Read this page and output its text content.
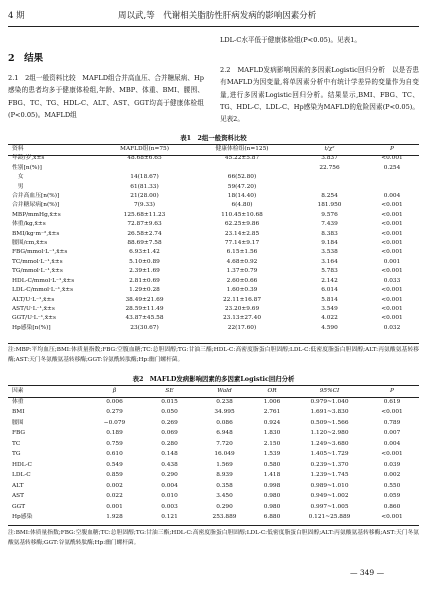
4 期	周以武,等　代谢相关脂肪性肝病发病的影响因素分析
2　结果
2.1　2组一般资料比较　MAFLD组合并高血压、合并糖尿病、Hp感染的患者均多于健康体检组,年龄、MBP、体重、BMI、腰围、FBG、TC、TG、HDL-C、ALT、AST、GGT均高于健康体检组(P<0.05)。MAFLD组
LDL-C水平低于健康体检组(P<0.05)。见表1。
2.2　MAFLD发病影响因素的多因素Logistic回归分析　以是否患有MAFLD为因变量,将单因素分析中有统计学差异的变量作为自变量,进行多因素Logistic回归分析。结果显示,BMI、FBG、TC、TG、HDL-C、LDL-C、Hp感染为MAFLD的危险因素(P<0.05)。见表2。
表1　2组一般资料比较
资料	MAFLD组(n=75)	健康体检组(n=125)	t/χ²	P
年龄/岁,x̄±s	48.68±6.65	45.22±5.87	3.837	<0.001
性别[n(%)]			22.756	0.254
　女	14(18.67)	66(52.80)		
　男	61(81.33)	59(47.20)		
合并高血压[n(%)]	21(28.00)	18(14.40)	8.254	0.004
合并糖尿病[n(%)]	7(9.33)	6(4.80)	181.950	<0.001
MBP/mmHg,x̄±s	125.68±11.23	110.45±10.68	9.576	<0.001
体重/kg,x̄±s	72.87±9.63	62.25±9.86	7.439	<0.001
BMI/kg·m⁻²,x̄±s	26.58±2.74	23.14±2.85	8.383	<0.001
腰围/cm,x̄±s	88.69±7.58	77.14±9.17	9.184	<0.001
FBG/mmol·L⁻¹,x̄±s	6.93±1.42	6.15±1.56	3.538	<0.001
TC/mmol·L⁻¹,x̄±s	5.10±0.89	4.68±0.92	3.164	0.001
TG/mmol·L⁻¹,x̄±s	2.39±1.69	1.37±0.79	5.783	<0.001
HDL-C/mmol·L⁻¹,x̄±s	2.81±0.69	2.60±0.66	2.142	0.033
LDL-C/mmol·L⁻¹,x̄±s	1.29±0.28	1.60±0.39	6.014	<0.001
ALT/U·L⁻¹,x̄±s	38.49±21.69	22.11±16.87	5.814	<0.001
AST/U·L⁻¹,x̄±s	28.59±11.49	23.20±9.69	3.549	<0.001
GGT/U·L⁻¹,x̄±s	43.87±45.58	23.13±27.40	4.022	<0.001
Hp感染[n(%)]	23(30.67)	22(17.60)	4.590	0.032
注:MBP:平均血压;BMI:体质量指数;FBG:空腹血糖;TC:总胆固醇;TG:甘油三酯;HDL-C:高密度脂蛋白胆固醇;LDL-C:低密度脂蛋白胆固醇;ALT:丙氨酸氨基转移酶;AST:天门冬氨酸氨基转移酶;GGT:谷氨酰转肽酶;Hp:幽门螺杆菌。
表2　MAFLD发病影响因素的多因素Logistic回归分析
因素	β	SE	Wald	OR	95%CI	P
体重	0.006	0.015	0.238	1.006	0.979~1.040	0.619
BMI	0.279	0.050	34.995	2.761	1.691~3.830	<0.001
腰围	−0.079	0.269	0.086	0.924	0.509~1.566	0.789
FBG	0.189	0.069	6.948	1.830	1.120~2.980	0.007
TC	0.759	0.280	7.720	2.150	1.249~3.680	0.004
TG	0.610	0.148	16.049	1.539	1.405~1.729	<0.001
HDL-C	0.549	0.438	1.569	0.580	0.239~1.370	0.039
LDL-C	0.859	0.290	8.939	1.418	1.239~1.745	0.002
ALT	0.002	0.004	0.358	0.998	0.989~1.010	0.550
AST	0.022	0.010	3.450	0.980	0.949~1.002	0.059
GGT	0.001	0.003	0.290	0.980	0.997~1.005	0.860
Hp感染	1.928	0.121	253.889	6.880	0.121~25.889	<0.001
注:BMI:体质量指数;FBG:空腹血糖;TC:总胆固醇;TG:甘油三酯;HDL-C:高密度脂蛋白胆固醇;LDL-C:低密度脂蛋白胆固醇;ALT:丙氨酸氨基转移酶;AST:天门冬氨酸氨基转移酶;GGT:谷氨酰转肽酶;Hp:幽门螺杆菌。
— 349 —
